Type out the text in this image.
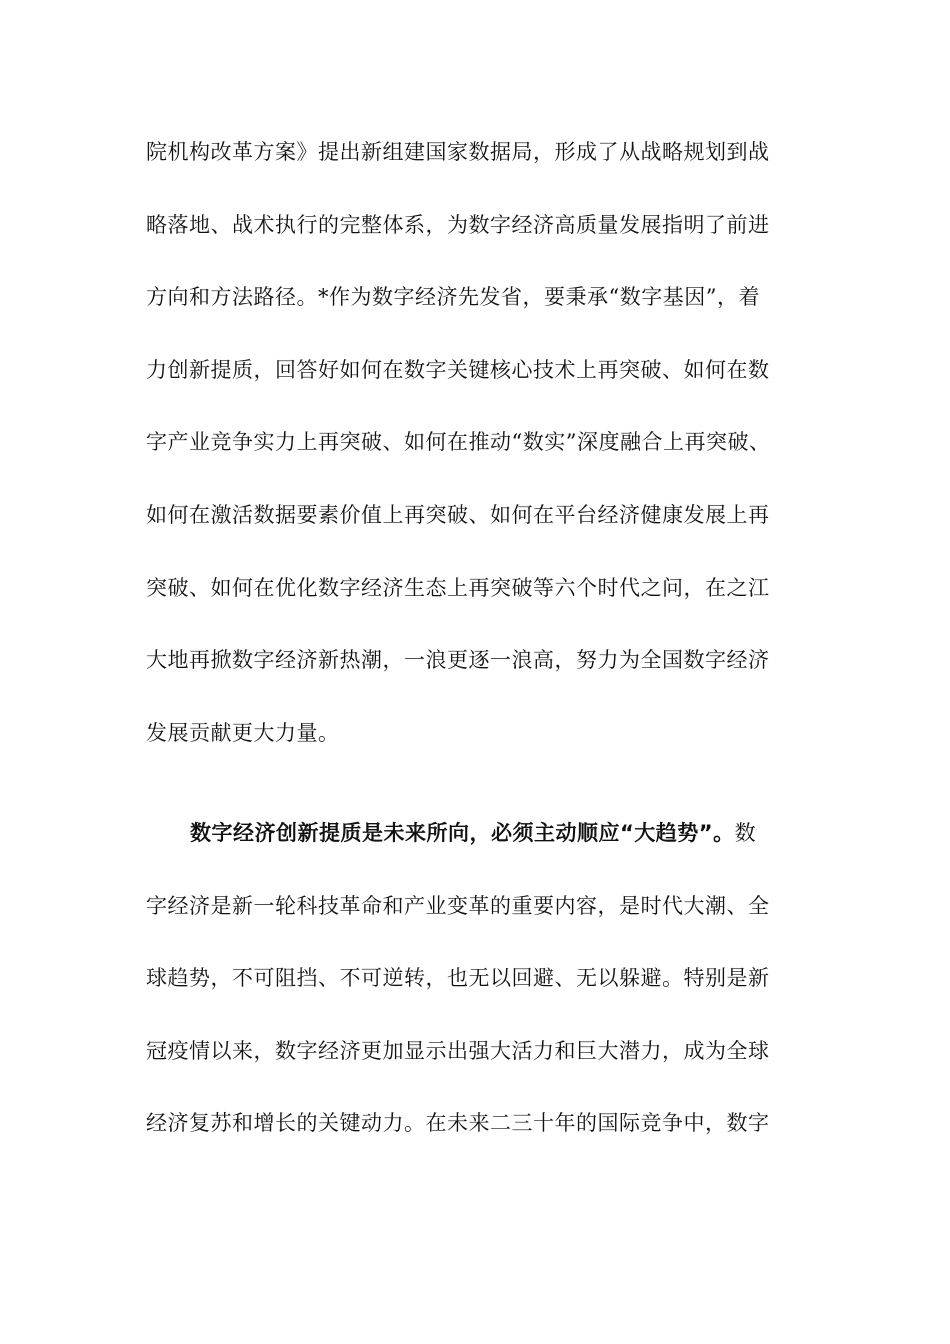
院机构改革方案》提出新组建国家数据局，形成了从战略规划到战
略落地、战术执行的完整体系，为数字经济高质量发展指明了前进
方向和方法路径。*作为数字经济先发省，要秉承“数字基因”，着
力创新提质，回答好如何在数字关键核心技术上再突破、如何在数
字产业竞争实力上再突破、如何在推动“数实”深度融合上再突破、
如何在激活数据要素价值上再突破、如何在平台经济健康发展上再
突破、如何在优化数字经济生态上再突破等六个时代之问，在之江
大地再掀数字经济新热潮，一浪更逐一浪高，努力为全国数字经济
发展贡献更大力量。
数字经济创新提质是未来所向，必须主动顺应“大趋势”。数
字经济是新一轮科技革命和产业变革的重要内容，是时代大潮、全
球趋势，不可阻挡、不可逆转，也无以回避、无以躲避。特别是新
冠疫情以来，数字经济更加显示出强大活力和巨大潜力，成为全球
经济复苏和增长的关键动力。在未来二三十年的国际竞争中，数字
